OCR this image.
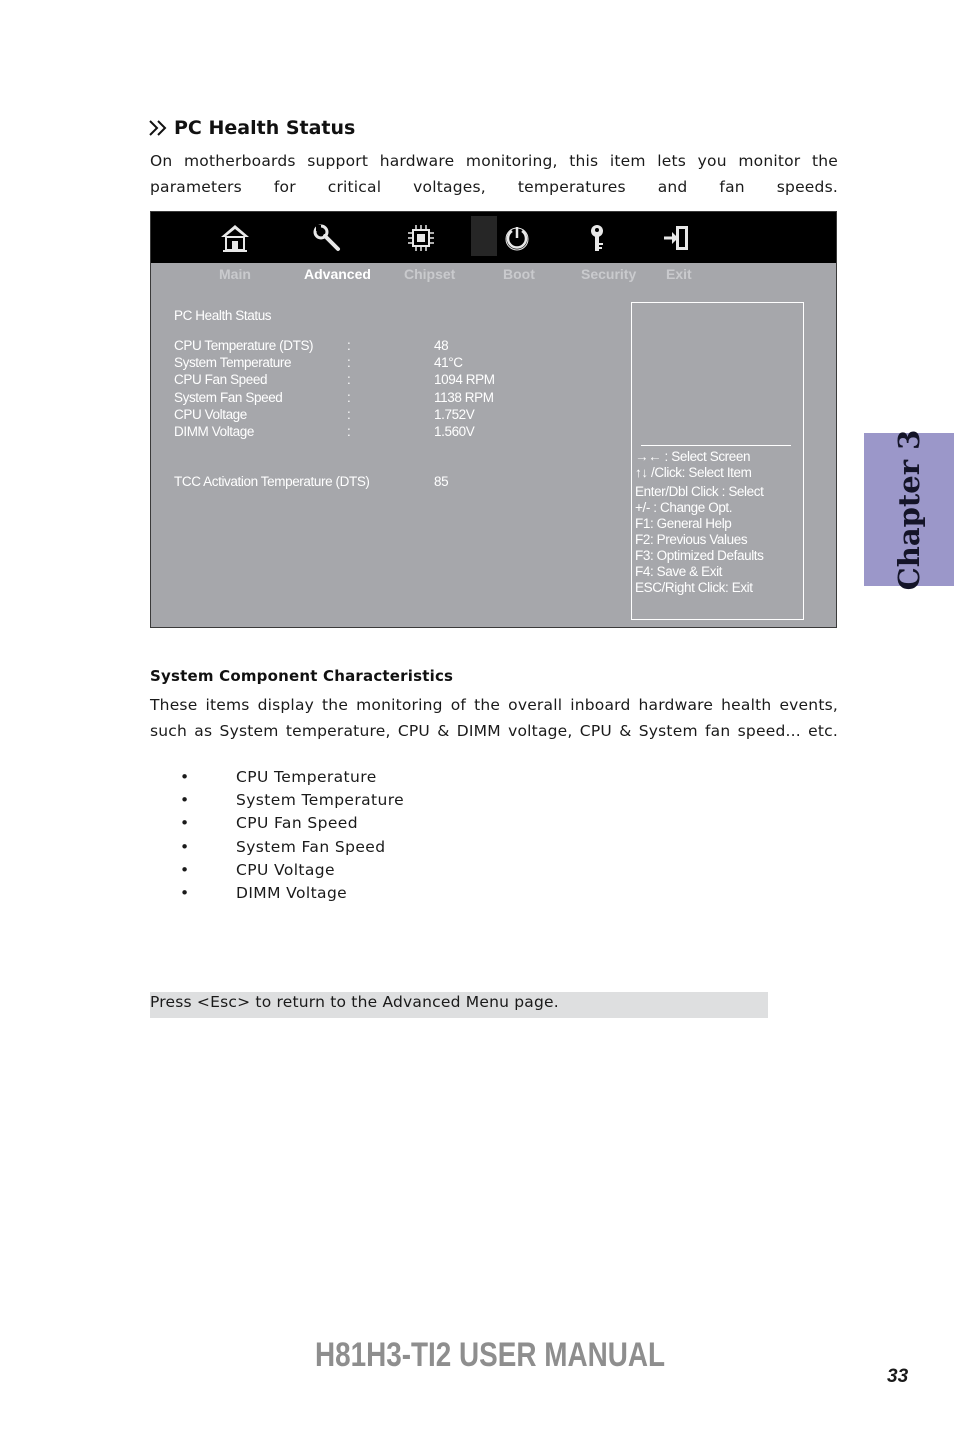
PC Health Status
On motherboards support hardware monitoring, this item lets you monitor the parameters for critical voltages, temperatures and fan speeds.
Main	Advanced Chipset	Boot	Security Exit
PC Health Status
CPU Temperature (DTS)	:	48
System Temperature	:	41°C
CPU Fan Speed	:	1094 RPM
System Fan Speed	:	1138 RPM
CPU Voltage	:	1.752V
DIMM Voltage	:	1.560V
TCC Activation Temperature (DTS)	85
→← : Select Screen
↑↓ /Click: Select Item
Enter/Dbl Click : Select
+/- : Change Opt.
F1: General Help
F2: Previous Values
F3: Optimized Defaults
F4: Save & Exit
ESC/Right Click: Exit	Chapter 3
System Component Characteristics
These items display the monitoring of the overall inboard hardware health events, such as System temperature, CPU & DIMM voltage, CPU & System fan speed... etc.
•	CPU Temperature
•	System Temperature
•	CPU Fan Speed
•	System Fan Speed
•	CPU Voltage
•	DIMM Voltage
Press <Esc> to return to the Advanced Menu page.
H81H3-TI2 USER MANUAL
33
